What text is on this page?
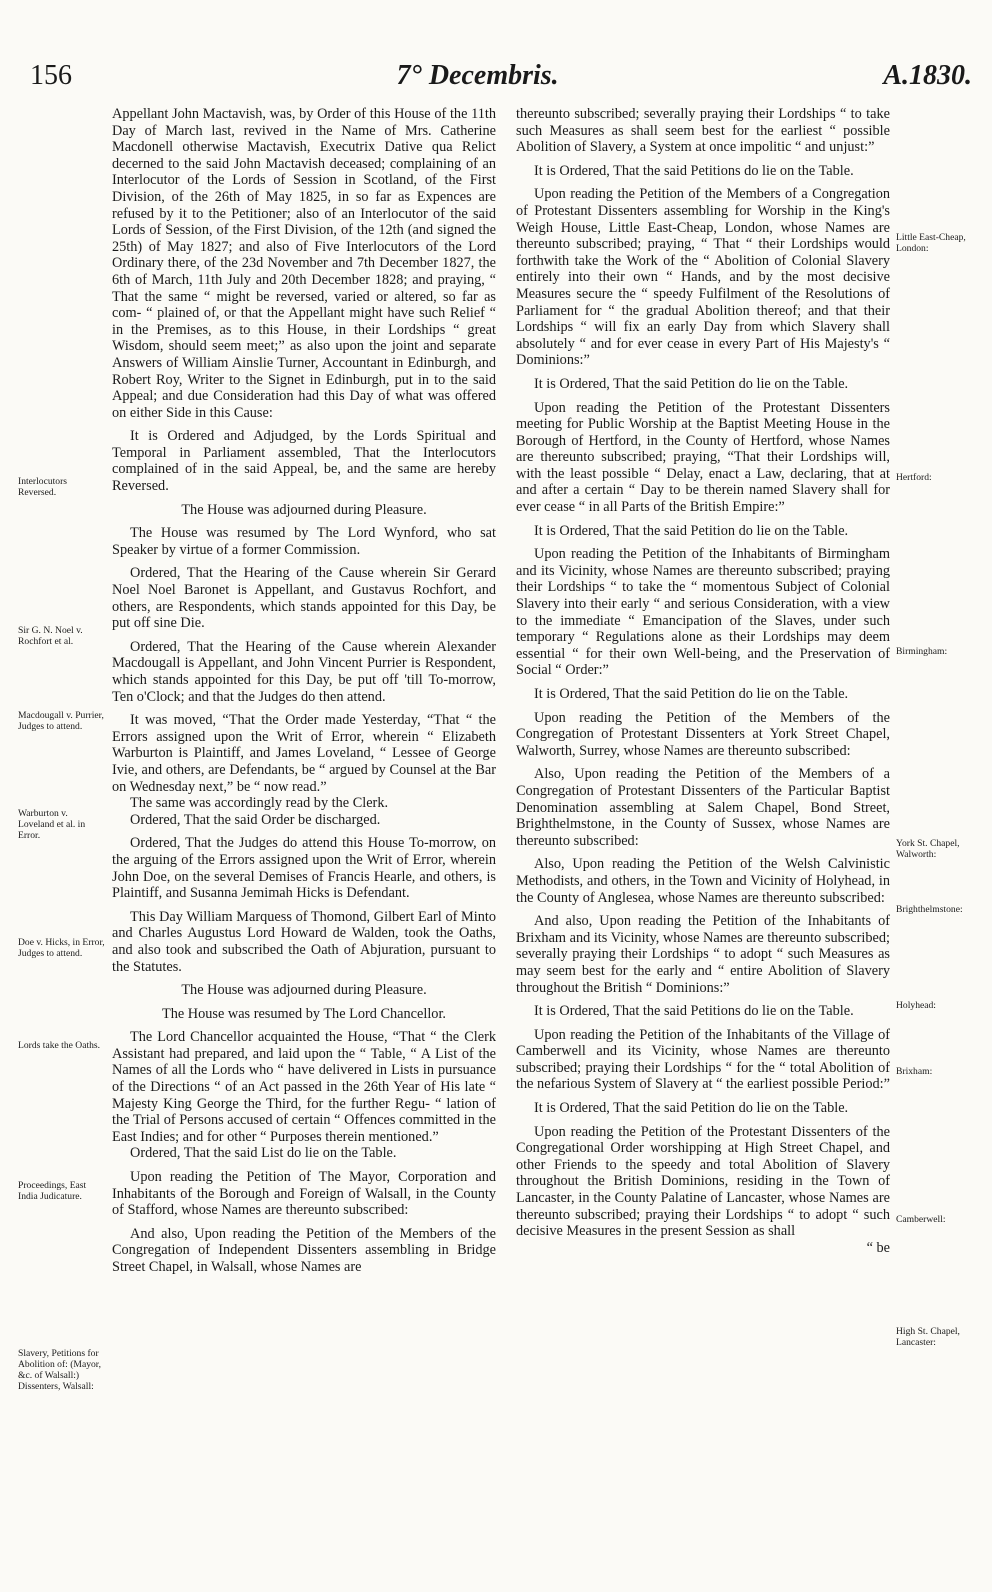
156	7° Decembris.	A.1830.
Interlocutors Reversed.
Sir G. N. Noel v. Rochfort et al.
Macdougall v. Purrier, Judges to attend.
Warburton v. Loveland et al. in Error.
Doe v. Hicks, in Error, Judges to attend.
Lords take the Oaths.
Proceedings, East India Judicature.
Slavery, Petitions for Abolition of: (Mayor, &c. of Walsall:) Dissenters, Walsall:

Appellant John Mactavish, was, by Order of this House of the 11th Day of March last, revived in the Name of Mrs. Catherine Macdonell otherwise Mactavish, Executrix Dative qua Relict decerned to the said John Mactavish deceased; complaining of an Interlocutor of the Lords of Session in Scotland, of the First Division, of the 26th of May 1825, in so far as Expences are refused by it to the Petitioner; also of an Interlocutor of the said Lords of Session, of the First Division, of the 12th (and signed the 25th) of May 1827; and also of Five Interlocutors of the Lord Ordinary there, of the 23d November and 7th December 1827, the 6th of March, 11th July and 20th December 1828; and praying, “ That the same “ might be reversed, varied or altered, so far as com- “ plained of, or that the Appellant might have such Relief “ in the Premises, as to this House, in their Lordships “ great Wisdom, should seem meet;” as also upon the joint and separate Answers of William Ainslie Turner, Accountant in Edinburgh, and Robert Roy, Writer to the Signet in Edinburgh, put in to the said Appeal; and due Consideration had this Day of what was offered on either Side in this Cause:

It is Ordered and Adjudged, by the Lords Spiritual and Temporal in Parliament assembled, That the Interlocutors complained of in the said Appeal, be, and the same are hereby Reversed.

The House was adjourned during Pleasure.

The House was resumed by The Lord Wynford, who sat Speaker by virtue of a former Commission.

Ordered, That the Hearing of the Cause wherein Sir Gerard Noel Noel Baronet is Appellant, and Gustavus Rochfort, and others, are Respondents, which stands appointed for this Day, be put off sine Die.

Ordered, That the Hearing of the Cause wherein Alexander Macdougall is Appellant, and John Vincent Purrier is Respondent, which stands appointed for this Day, be put off 'till To-morrow, Ten o'Clock; and that the Judges do then attend.

It was moved, “That the Order made Yesterday, “That “ the Errors assigned upon the Writ of Error, wherein “ Elizabeth Warburton is Plaintiff, and James Loveland, “ Lessee of George Ivie, and others, are Defendants, be “ argued by Counsel at the Bar on Wednesday next,” be “ now read.”

The same was accordingly read by the Clerk.

Ordered, That the said Order be discharged.

Ordered, That the Judges do attend this House To-morrow, on the arguing of the Errors assigned upon the Writ of Error, wherein John Doe, on the several Demises of Francis Hearle, and others, is Plaintiff, and Susanna Jemimah Hicks is Defendant.

This Day William Marquess of Thomond, Gilbert Earl of Minto and Charles Augustus Lord Howard de Walden, took the Oaths, and also took and subscribed the Oath of Abjuration, pursuant to the Statutes.

The House was adjourned during Pleasure.

The House was resumed by The Lord Chancellor.

The Lord Chancellor acquainted the House, “That “ the Clerk Assistant had prepared, and laid upon the “ Table, “ A List of the Names of all the Lords who “ have delivered in Lists in pursuance of the Directions “ of an Act passed in the 26th Year of His late “ Majesty King George the Third, for the further Regu- “ lation of the Trial of Persons accused of certain “ Offences committed in the East Indies; and for other “ Purposes therein mentioned.”

Ordered, That the said List do lie on the Table.

Upon reading the Petition of The Mayor, Corporation and Inhabitants of the Borough and Foreign of Walsall, in the County of Stafford, whose Names are thereunto subscribed:

And also, Upon reading the Petition of the Members of the Congregation of Independent Dissenters assembling in Bridge Street Chapel, in Walsall, whose Names are

thereunto subscribed; severally praying their Lordships “ to take such Measures as shall seem best for the earliest “ possible Abolition of Slavery, a System at once impolitic “ and unjust:”

It is Ordered, That the said Petitions do lie on the Table.

Upon reading the Petition of the Members of a Congregation of Protestant Dissenters assembling for Worship in the King's Weigh House, Little East-Cheap, London, whose Names are thereunto subscribed; praying, “ That “ their Lordships would forthwith take the Work of the “ Abolition of Colonial Slavery entirely into their own “ Hands, and by the most decisive Measures secure the “ speedy Fulfilment of the Resolutions of Parliament for “ the gradual Abolition thereof; and that their Lordships “ will fix an early Day from which Slavery shall absolutely “ and for ever cease in every Part of His Majesty's “ Dominions:”

It is Ordered, That the said Petition do lie on the Table.

Upon reading the Petition of the Protestant Dissenters meeting for Public Worship at the Baptist Meeting House in the Borough of Hertford, in the County of Hertford, whose Names are thereunto subscribed; praying, “That their Lordships will, with the least possible “ Delay, enact a Law, declaring, that at and after a certain “ Day to be therein named Slavery shall for ever cease “ in all Parts of the British Empire:”

It is Ordered, That the said Petition do lie on the Table.

Upon reading the Petition of the Inhabitants of Birmingham and its Vicinity, whose Names are thereunto subscribed; praying their Lordships “ to take the “ momentous Subject of Colonial Slavery into their early “ and serious Consideration, with a view to the immediate “ Emancipation of the Slaves, under such temporary “ Regulations alone as their Lordships may deem essential “ for their own Well-being, and the Preservation of Social “ Order:”

It is Ordered, That the said Petition do lie on the Table.

Upon reading the Petition of the Members of the Congregation of Protestant Dissenters at York Street Chapel, Walworth, Surrey, whose Names are thereunto subscribed:

Also, Upon reading the Petition of the Members of a Congregation of Protestant Dissenters of the Particular Baptist Denomination assembling at Salem Chapel, Bond Street, Brighthelmstone, in the County of Sussex, whose Names are thereunto subscribed:

Also, Upon reading the Petition of the Welsh Calvinistic Methodists, and others, in the Town and Vicinity of Holyhead, in the County of Anglesea, whose Names are thereunto subscribed:

And also, Upon reading the Petition of the Inhabitants of Brixham and its Vicinity, whose Names are thereunto subscribed; severally praying their Lordships “ to adopt “ such Measures as may seem best for the early and “ entire Abolition of Slavery throughout the British “ Dominions:”

It is Ordered, That the said Petitions do lie on the Table.

Upon reading the Petition of the Inhabitants of the Village of Camberwell and its Vicinity, whose Names are thereunto subscribed; praying their Lordships “ for the “ total Abolition of the nefarious System of Slavery at “ the earliest possible Period:”

It is Ordered, That the said Petition do lie on the Table.

Upon reading the Petition of the Protestant Dissenters of the Congregational Order worshipping at High Street Chapel, and other Friends to the speedy and total Abolition of Slavery throughout the British Dominions, residing in the Town of Lancaster, in the County Palatine of Lancaster, whose Names are thereunto subscribed; praying their Lordships “ to adopt “ such decisive Measures in the present Session as shall

“ be

Little East-Cheap, London:
Hertford:
Birmingham:
York St. Chapel, Walworth:
Brighthelmstone:
Holyhead:
Brixham:
Camberwell:
High St. Chapel, Lancaster:
